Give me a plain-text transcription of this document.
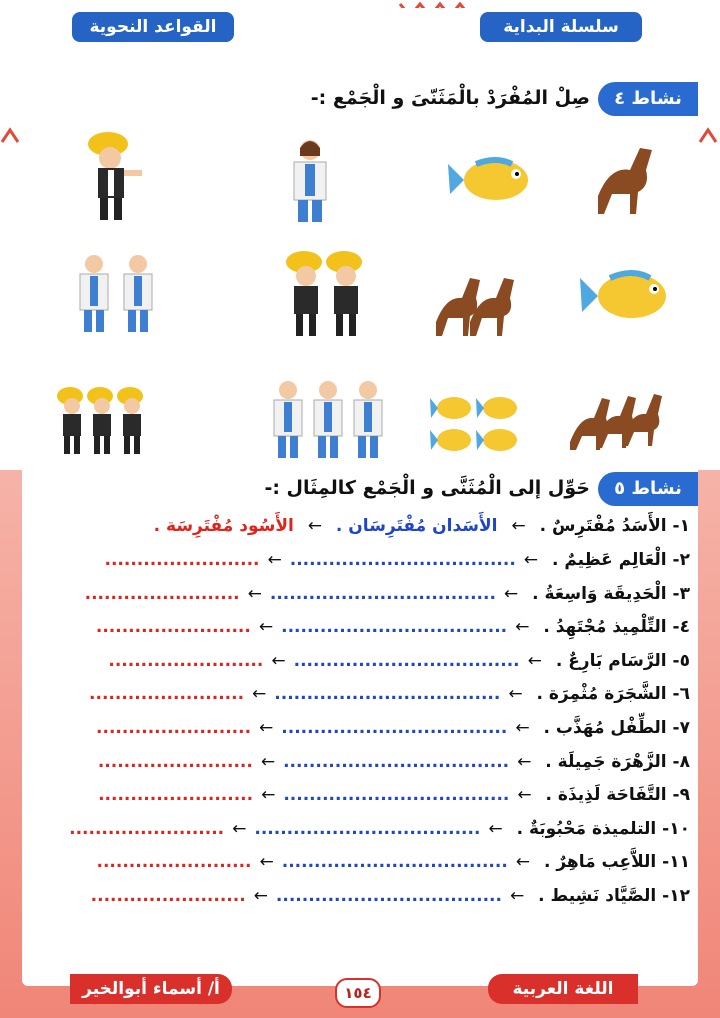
القواعد النحوية	سلسلة البداية
نشاط ٤
صِلْ المُفْرَدْ بالْمَثَنّىَ و الْجَمْع :-
نشاط ٥
حَوِّل إلى الْمُثَنَّى و الْجَمْع كالمِثَال :-
١- الأَسَدُ مُفْتَرِسٌ . ← الأَسَدان مُفْتَرِسَان . ← الأَسُود مُفْتَرِسَة .
٢- الْعَالِم عَظِيمٌ . ←...................................←........................
٣- الْحَدِيقَة وَاسِعَةُ . ←...................................←........................
٤- التِّلْمِيذ مُجْتَهِدُ . ←...................................←........................
٥- الرَّسَام بَارِعٌ . ←...................................←........................
٦- الشَّجَرَة مُثْمِرَة . ←...................................←........................
٧- الطِّفْل مُهَذَّب . ←...................................←........................
٨- الزَّهْرَة جَمِيلَة . ←...................................←........................
٩- التَّفَاحَة لَذِيذَة . ←...................................←........................
١٠- التلميذة مَحْبُوبَةٌ . ←...................................←........................
١١- اللاَّعِب مَاهِرٌ . ←...................................←........................
١٢- الصَّيَّاد نَشِيط . ←...................................←........................
أ/ أسماء أبوالخير	١٥٤	اللغة العربية
